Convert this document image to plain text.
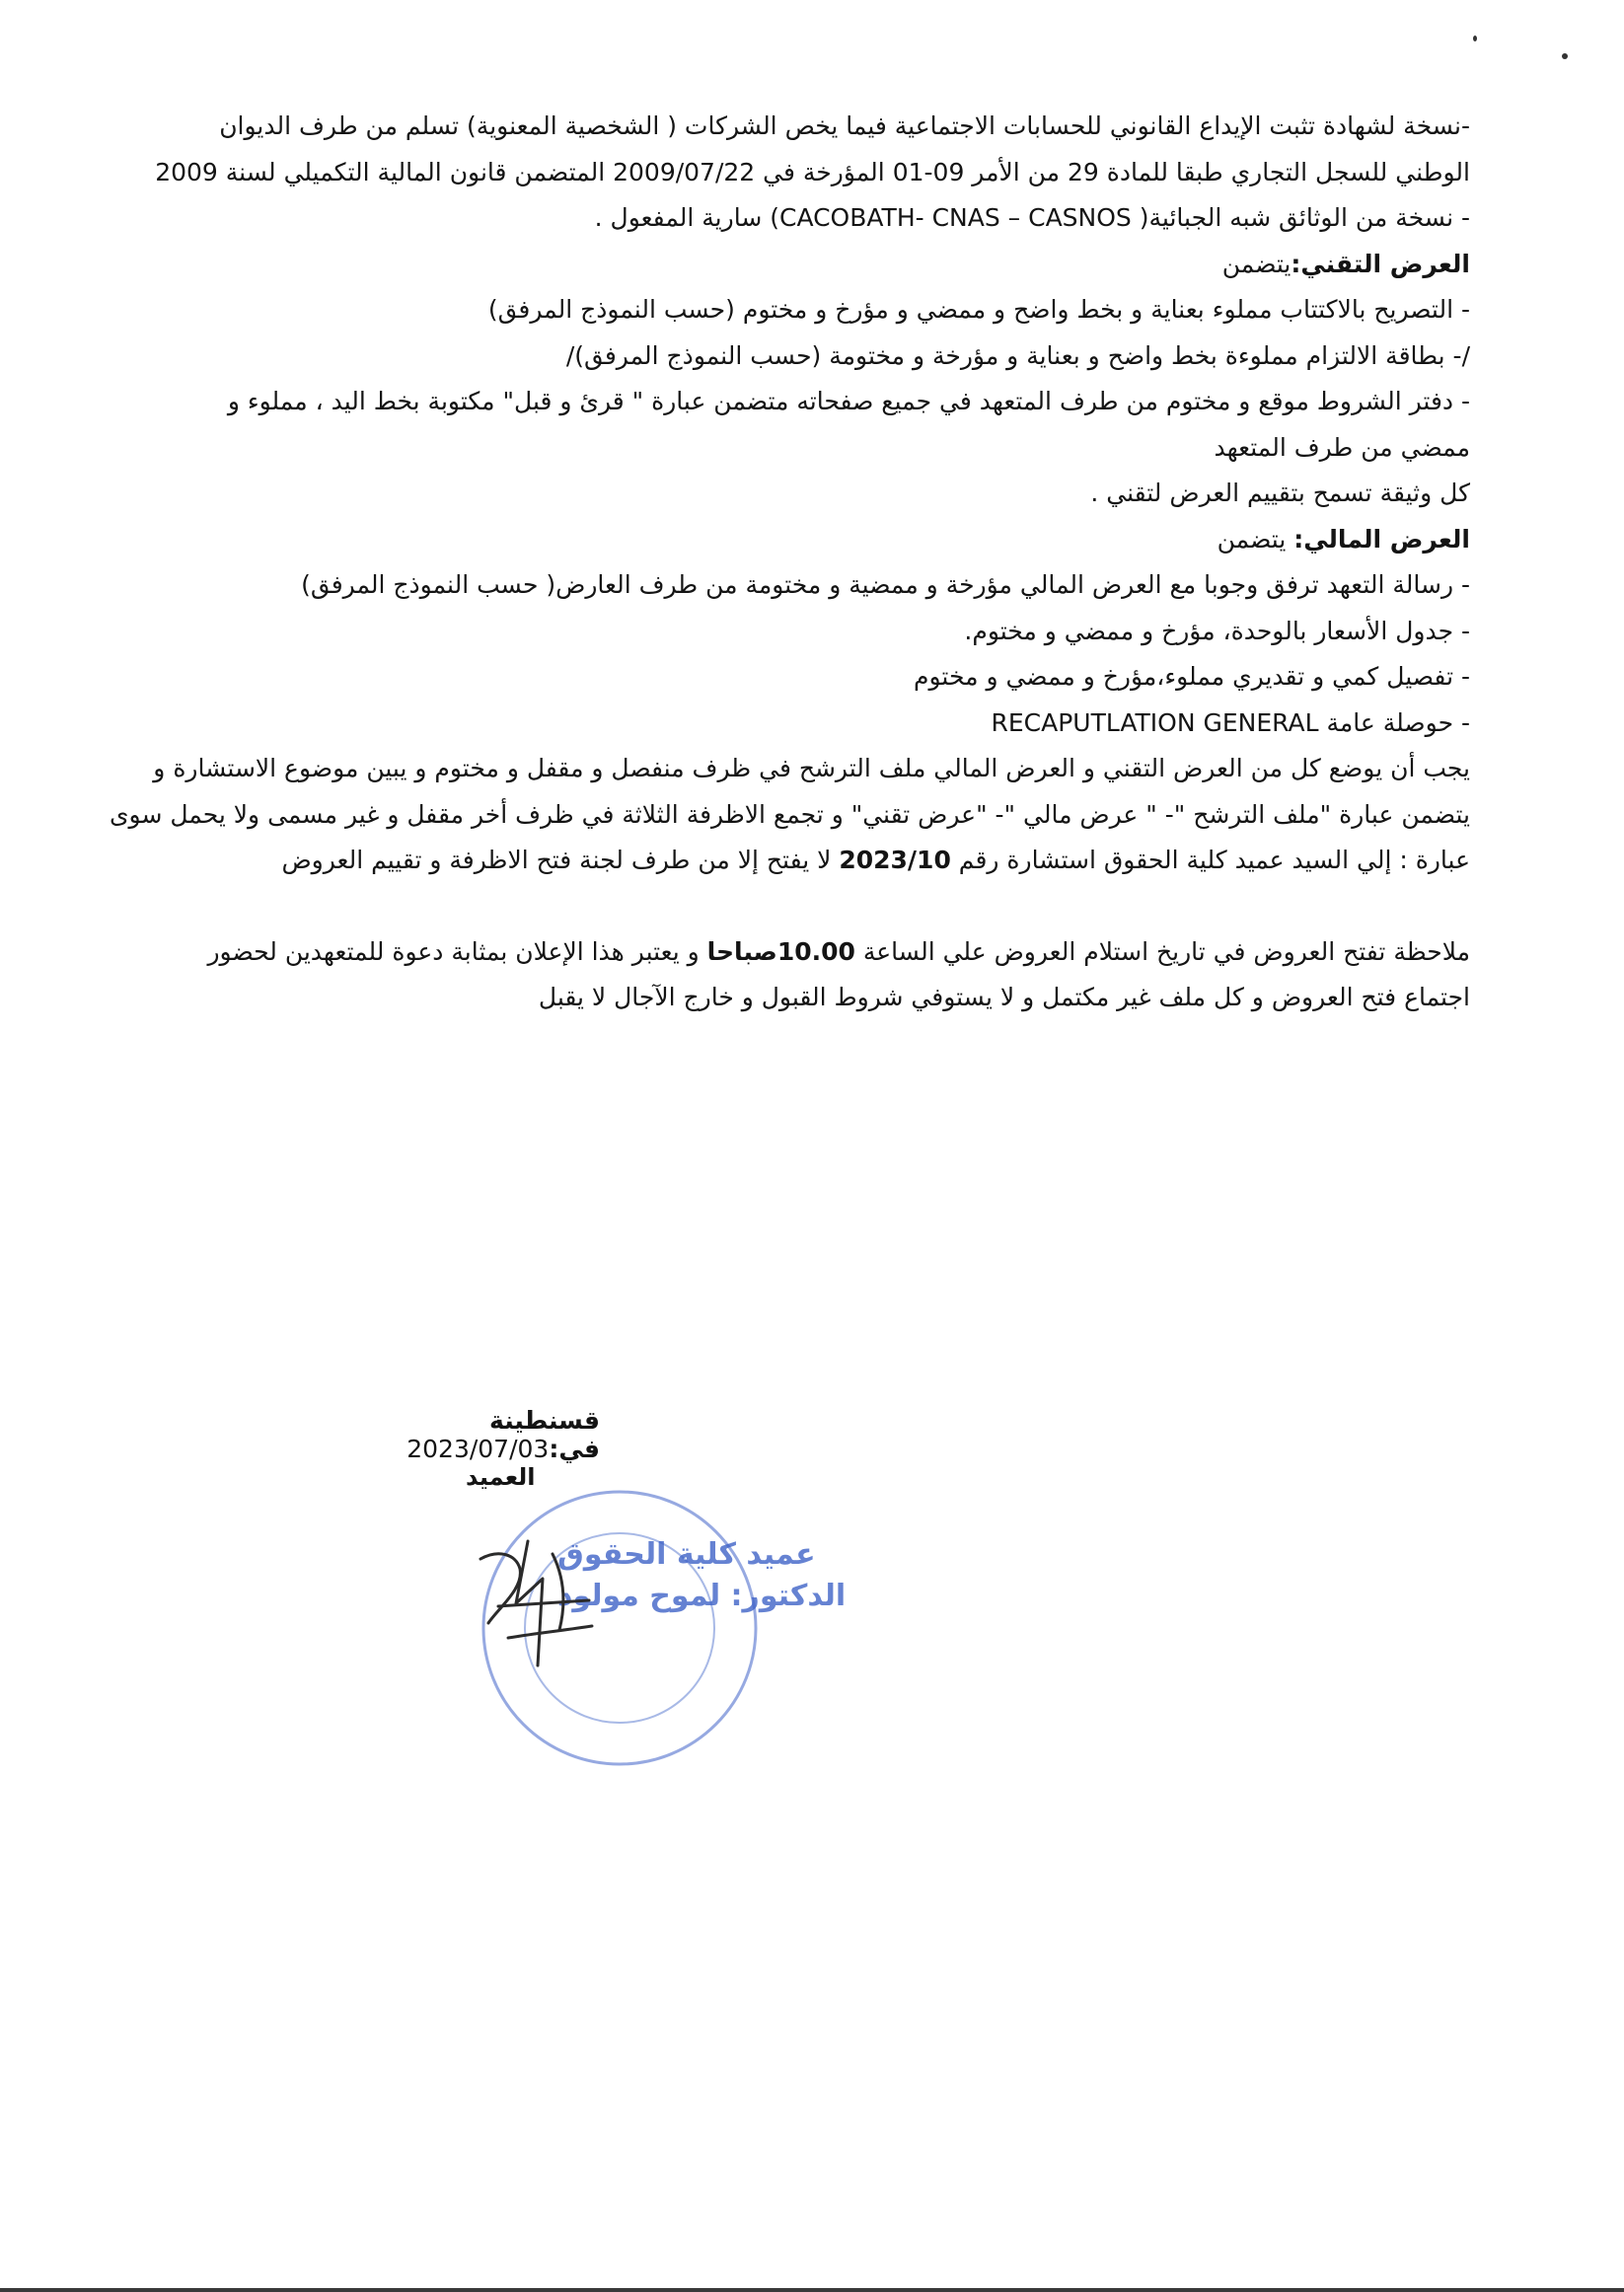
-نسخة لشهادة تثبت الإيداع القانوني للحسابات الاجتماعية فيما يخص الشركات ( الشخصية المعنوية) تسلم من طرف الديوان

الوطني للسجل التجاري طبقا للمادة 29 من الأمر 09-01 المؤرخة في 2009/07/22 المتضمن قانون المالية التكميلي لسنة 2009

- نسخة من الوثائق شبه الجبائية( CACOBATH- CNAS – CASNOS) سارية المفعول .

العرض التقني:يتضمن

- التصريح بالاكتتاب مملوء بعناية و بخط واضح و ممضي و مؤرخ و مختوم (حسب النموذج المرفق)

/- بطاقة الالتزام مملوءة بخط واضح و بعناية و مؤرخة و مختومة (حسب النموذج المرفق)/

- دفتر الشروط موقع و مختوم من طرف المتعهد في جميع صفحاته متضمن عبارة " قرئ و قبل" مكتوبة بخط اليد ، مملوء و

ممضي من طرف المتعهد

كل وثيقة تسمح بتقييم العرض لتقني .

العرض المالي: يتضمن

- رسالة التعهد ترفق وجوبا مع العرض المالي مؤرخة و ممضية و مختومة من طرف العارض( حسب النموذج المرفق)

- جدول الأسعار بالوحدة، مؤرخ و ممضي و مختوم.

- تفصيل كمي و تقديري مملوء،مؤرخ و ممضي و مختوم

- حوصلة عامة RECAPUTLATION GENERAL

يجب أن يوضع كل من العرض التقني و العرض المالي ملف الترشح في ظرف منفصل و مقفل و مختوم و يبين موضوع الاستشارة و

يتضمن عبارة "ملف الترشح "- " عرض مالي "- "عرض تقني" و تجمع الاظرفة الثلاثة في ظرف أخر مقفل و غير مسمى ولا يحمل سوى

عبارة : إلي السيد عميد كلية الحقوق استشارة رقم 2023/10 لا يفتح إلا من طرف لجنة فتح الاظرفة و تقييم العروض

ملاحظة تفتح العروض في تاريخ استلام العروض علي الساعة 10.00صباحا و يعتبر هذا الإعلان بمثابة دعوة للمتعهدين لحضور

اجتماع فتح العروض و كل ملف غير مكتمل و لا يستوفي شروط القبول و خارج الآجال لا يقبل

قسنطينة في:2023/07/03
العميد
عميد كلية الحقوق
الدكتور: لموح مولود
